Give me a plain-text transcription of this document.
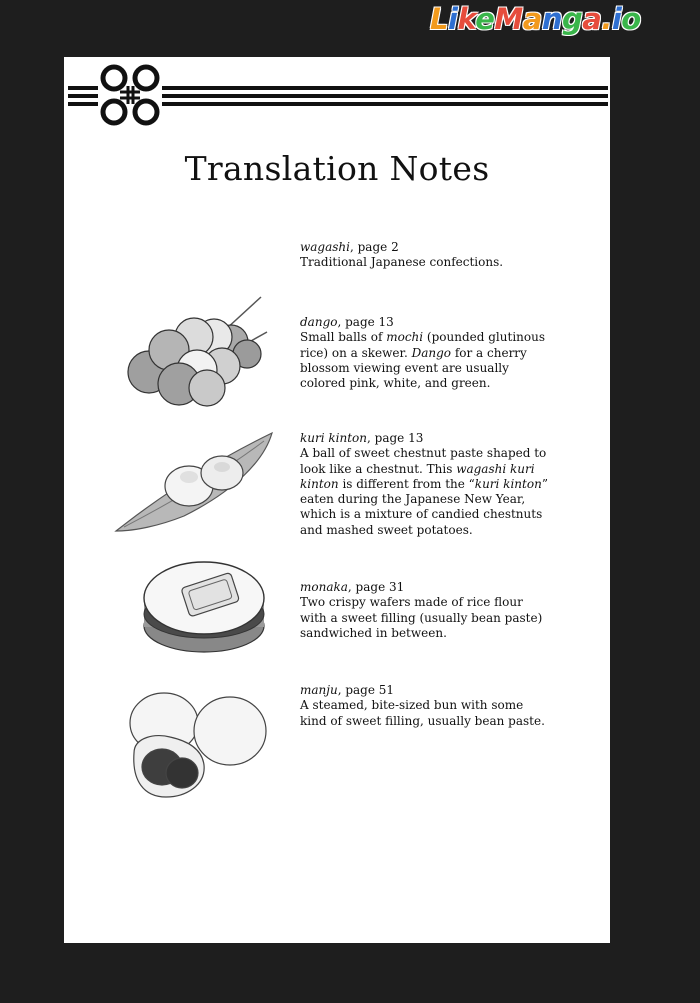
LikeManga.io
Translation Notes
wagashi, page 2

Traditional Japanese confections.

dango, page 13

Small balls of mochi (pounded glutinous rice) on a skewer. Dango for a cherry blossom viewing event are usually colored pink, white, and green.

kuri kinton, page 13

A ball of sweet chestnut paste shaped to look like a chestnut. This wagashi kuri kinton is different from the “kuri kinton” eaten during the Japanese New Year, which is a mixture of candied chestnuts and mashed sweet potatoes.

monaka, page 31

Two crispy wafers made of rice flour with a sweet filling (usually bean paste) sandwiched in between.

manju, page 51

A steamed, bite-sized bun with some kind of sweet filling, usually bean paste.
